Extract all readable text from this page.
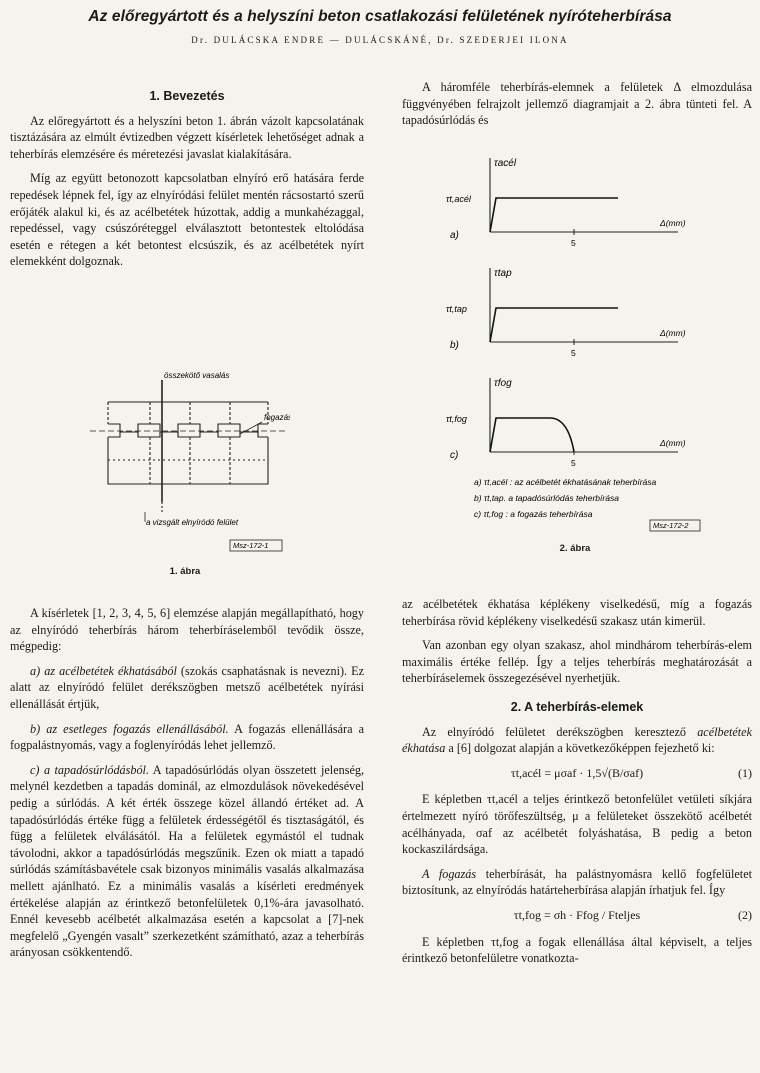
Az előregyártott és a helyszíni beton csatlakozási felületének nyíróteherbírása
Dr. DULÁCSKA ENDRE — DULÁCSKÁNÉ, Dr. SZEDERJEI ILONA
1. Bevezetés

Az előregyártott és a helyszíni beton 1. ábrán vázolt kapcsolatának tisztázására az elmúlt évtizedben végzett kísérletek lehetőséget adnak a teherbírás elemzésére és méretezési javaslat kialakítására.

Míg az együtt betonozott kapcsolatban elnyíró erő hatására ferde repedések lépnek fel, így az elnyíródási felület mentén rácsostartó szerű erőjáték alakul ki, és az acélbetétek húzottak, addig a munkahézaggal, repedéssel, vagy csúszóréteggel elválasztott betontestek eltolódása esetén e rétegen a két betontest elcsúszik, és az acélbetétek nyírt elemekként dolgoznak.

összekötő vasalás
fogazás
a vizsgált elnyíródó felület
Msz-172-1
1. ábra

A háromféle teherbírás-elemnek a felületek Δ elmozdulása függvényében felrajzolt jellemző diagramjait a 2. ábra tünteti fel. A tapadósúrlódás és

τacél
τt,acél
a)
Δ(mm)
5
τtap
τt,tap
b)
Δ(mm)
5
τfog
τt,fog
c)
Δ(mm)
5
a) τt,acél : az acélbetét ékhatásának teherbírása
b) τt,tap. a tapadósúrlódás teherbírása
c) τt,fog : a fogazás teherbírása
Msz-172-2
2. ábra

A kísérletek [1, 2, 3, 4, 5, 6] elemzése alapján megállapítható, hogy az elnyíródó teherbírás három teherbíráselemből tevődik össze, mégpedig:

a) az acélbetétek ékhatásából (szokás csaphatásnak is nevezni). Ez alatt az elnyíródó felület derékszögben metsző acélbetétek nyírási ellenállását értjük,

b) az esetleges fogazás ellenállásából. A fogazás ellenállására a fogpalástnyomás, vagy a foglenyíródás lehet jellemző.

c) a tapadósúrlódásból. A tapadósúrlódás olyan összetett jelenség, melynél kezdetben a tapadás dominál, az elmozdulások növekedésével pedig a súrlódás. A két érték összege közel állandó értéket ad. A tapadósúrlódás értéke függ a felületek érdességétől és tisztaságától, és függ a felületek elválásától. Ha a felületek egymástól el tudnak távolodni, akkor a tapadósúrlódás megszűnik. Ezen ok miatt a tapadó súrlódás számításbavétele csak bizonyos minimális vasalás alkalmazása mellett ajánlható. Ez a minimális vasalás a kísérleti eredmények értékelése alapján az érintkező betonfelületek 0,1%-ára javasolható. Ennél kevesebb acélbetét alkalmazása esetén a kapcsolat a [7]-nek megfelelő „Gyengén vasalt” szerkezetként számítható, azaz a teherbírás arányosan csökkentendő.

az acélbetétek ékhatása képlékeny viselkedésű, míg a fogazás teherbírása rövid képlékeny viselkedésű szakasz után kimerül.

Van azonban egy olyan szakasz, ahol mindhárom teherbírás-elem maximális értéke fellép. Így a teljes teherbírás meghatározását a teherbíráselemek összegezésével nyerhetjük.

2. A teherbírás-elemek

Az elnyíródó felületet derékszögben keresztező acélbetétek ékhatása a [6] dolgozat alapján a következőképpen fejezhető ki:

τt,acél = μσaf · 1,5√(B/σaf)	(1)

E képletben τt,acél a teljes érintkező betonfelület vetületi síkjára értelmezett nyíró törőfeszültség, μ a felületeket összekötő acélbetét acélhányada, σaf az acélbetét folyáshatása, B pedig a beton kockaszilárdsága.

A fogazás teherbírását, ha palástnyomásra kellő fogfelületet biztosítunk, az elnyíródás határteherbírása alapján írhatjuk fel. Így

τt,fog = σh · Ffog / Fteljes	(2)

E képletben τt,fog a fogak ellenállása által képviselt, a teljes érintkező betonfelületre vonatkozta-
